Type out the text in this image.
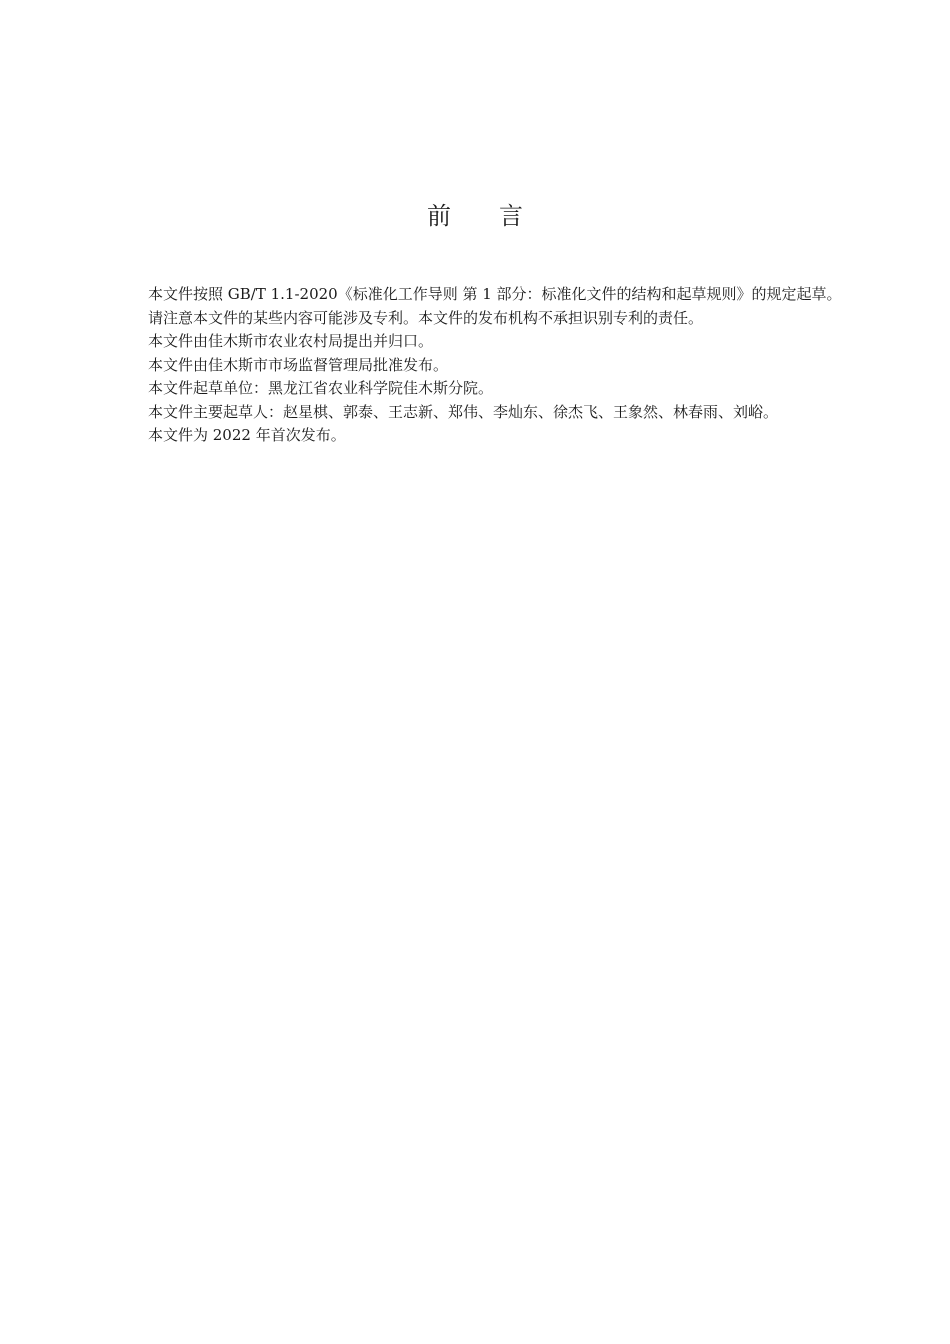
前 言

本文件按照 GB/T 1.1-2020《标准化工作导则 第 1 部分：标准化文件的结构和起草规则》的规定起草。

请注意本文件的某些内容可能涉及专利。本文件的发布机构不承担识别专利的责任。

本文件由佳木斯市农业农村局提出并归口。

本文件由佳木斯市市场监督管理局批准发布。

本文件起草单位：黑龙江省农业科学院佳木斯分院。

本文件主要起草人：赵星棋、郭泰、王志新、郑伟、李灿东、徐杰飞、王象然、林春雨、刘峪。

本文件为 2022 年首次发布。
